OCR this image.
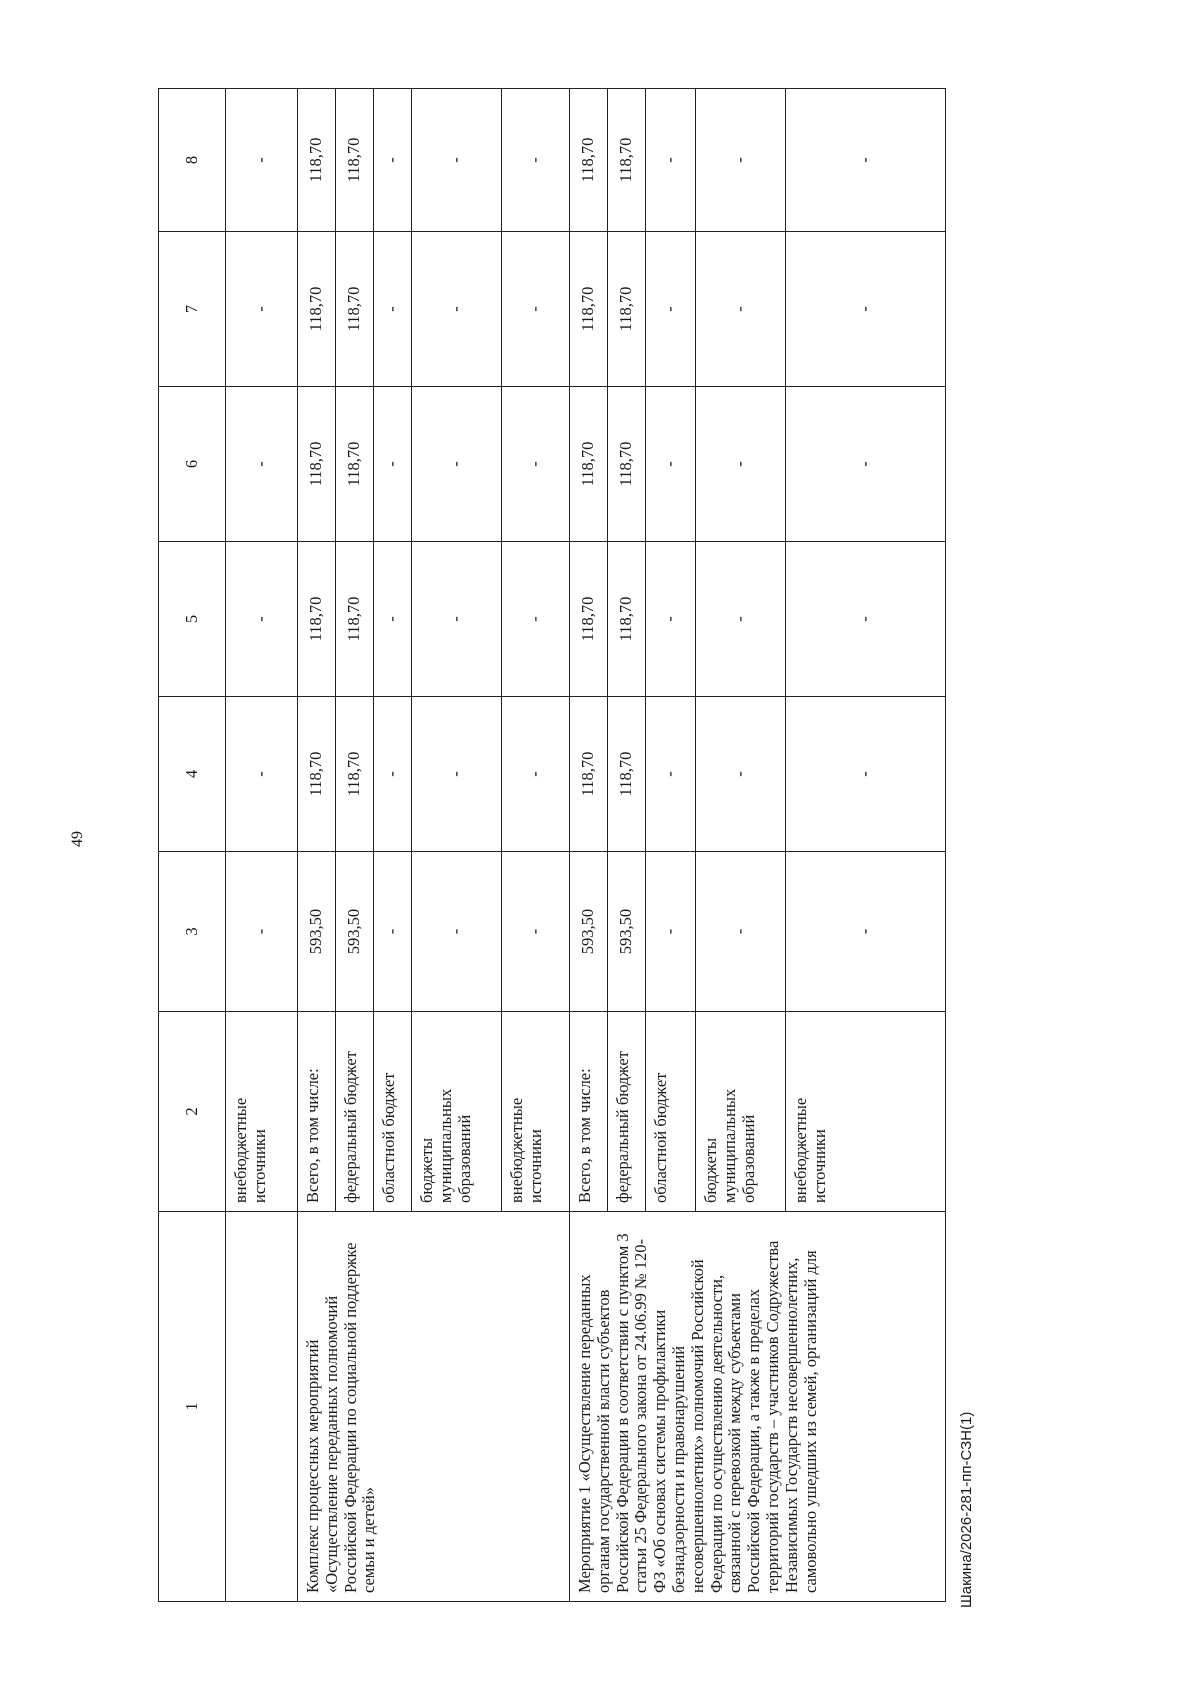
49
Шакина/2026-281-пп-СЗН(1)
1	2	3	4	5	6	7	8
	внебюджетные источники	-	-	-	-	-	-
Комплекс процессных мероприятий «Осуществление переданных полномочий Российской Федерации по социальной поддержке семьи и детей»	Всего, в том числе:	593,50	118,70	118,70	118,70	118,70	118,70
	федеральный бюджет	593,50	118,70	118,70	118,70	118,70	118,70
	областной бюджет	-	-	-	-	-	-
	бюджеты муниципальных образований	-	-	-	-	-	-
	внебюджетные источники	-	-	-	-	-	-
Мероприятие 1 «Осуществление переданных органам государственной власти субъектов Российской Федерации в соответствии с пунктом 3 статьи 25 Федерального закона от 24.06.99 № 120-ФЗ «Об основах системы профилактики безнадзорности и правонарушений несовершеннолетних» полномочий Российской Федерации по осуществлению деятельности, связанной с перевозкой между субъектами Российской Федерации, а также в пределах территорий государств – участников Содружества Независимых Государств несовершеннолетних, самовольно ушедших из семей, организаций для	Всего, в том числе:	593,50	118,70	118,70	118,70	118,70	118,70
	федеральный бюджет	593,50	118,70	118,70	118,70	118,70	118,70
	областной бюджет	-	-	-	-	-	-
	бюджеты муниципальных образований	-	-	-	-	-	-
	внебюджетные источники	-	-	-	-	-	-
